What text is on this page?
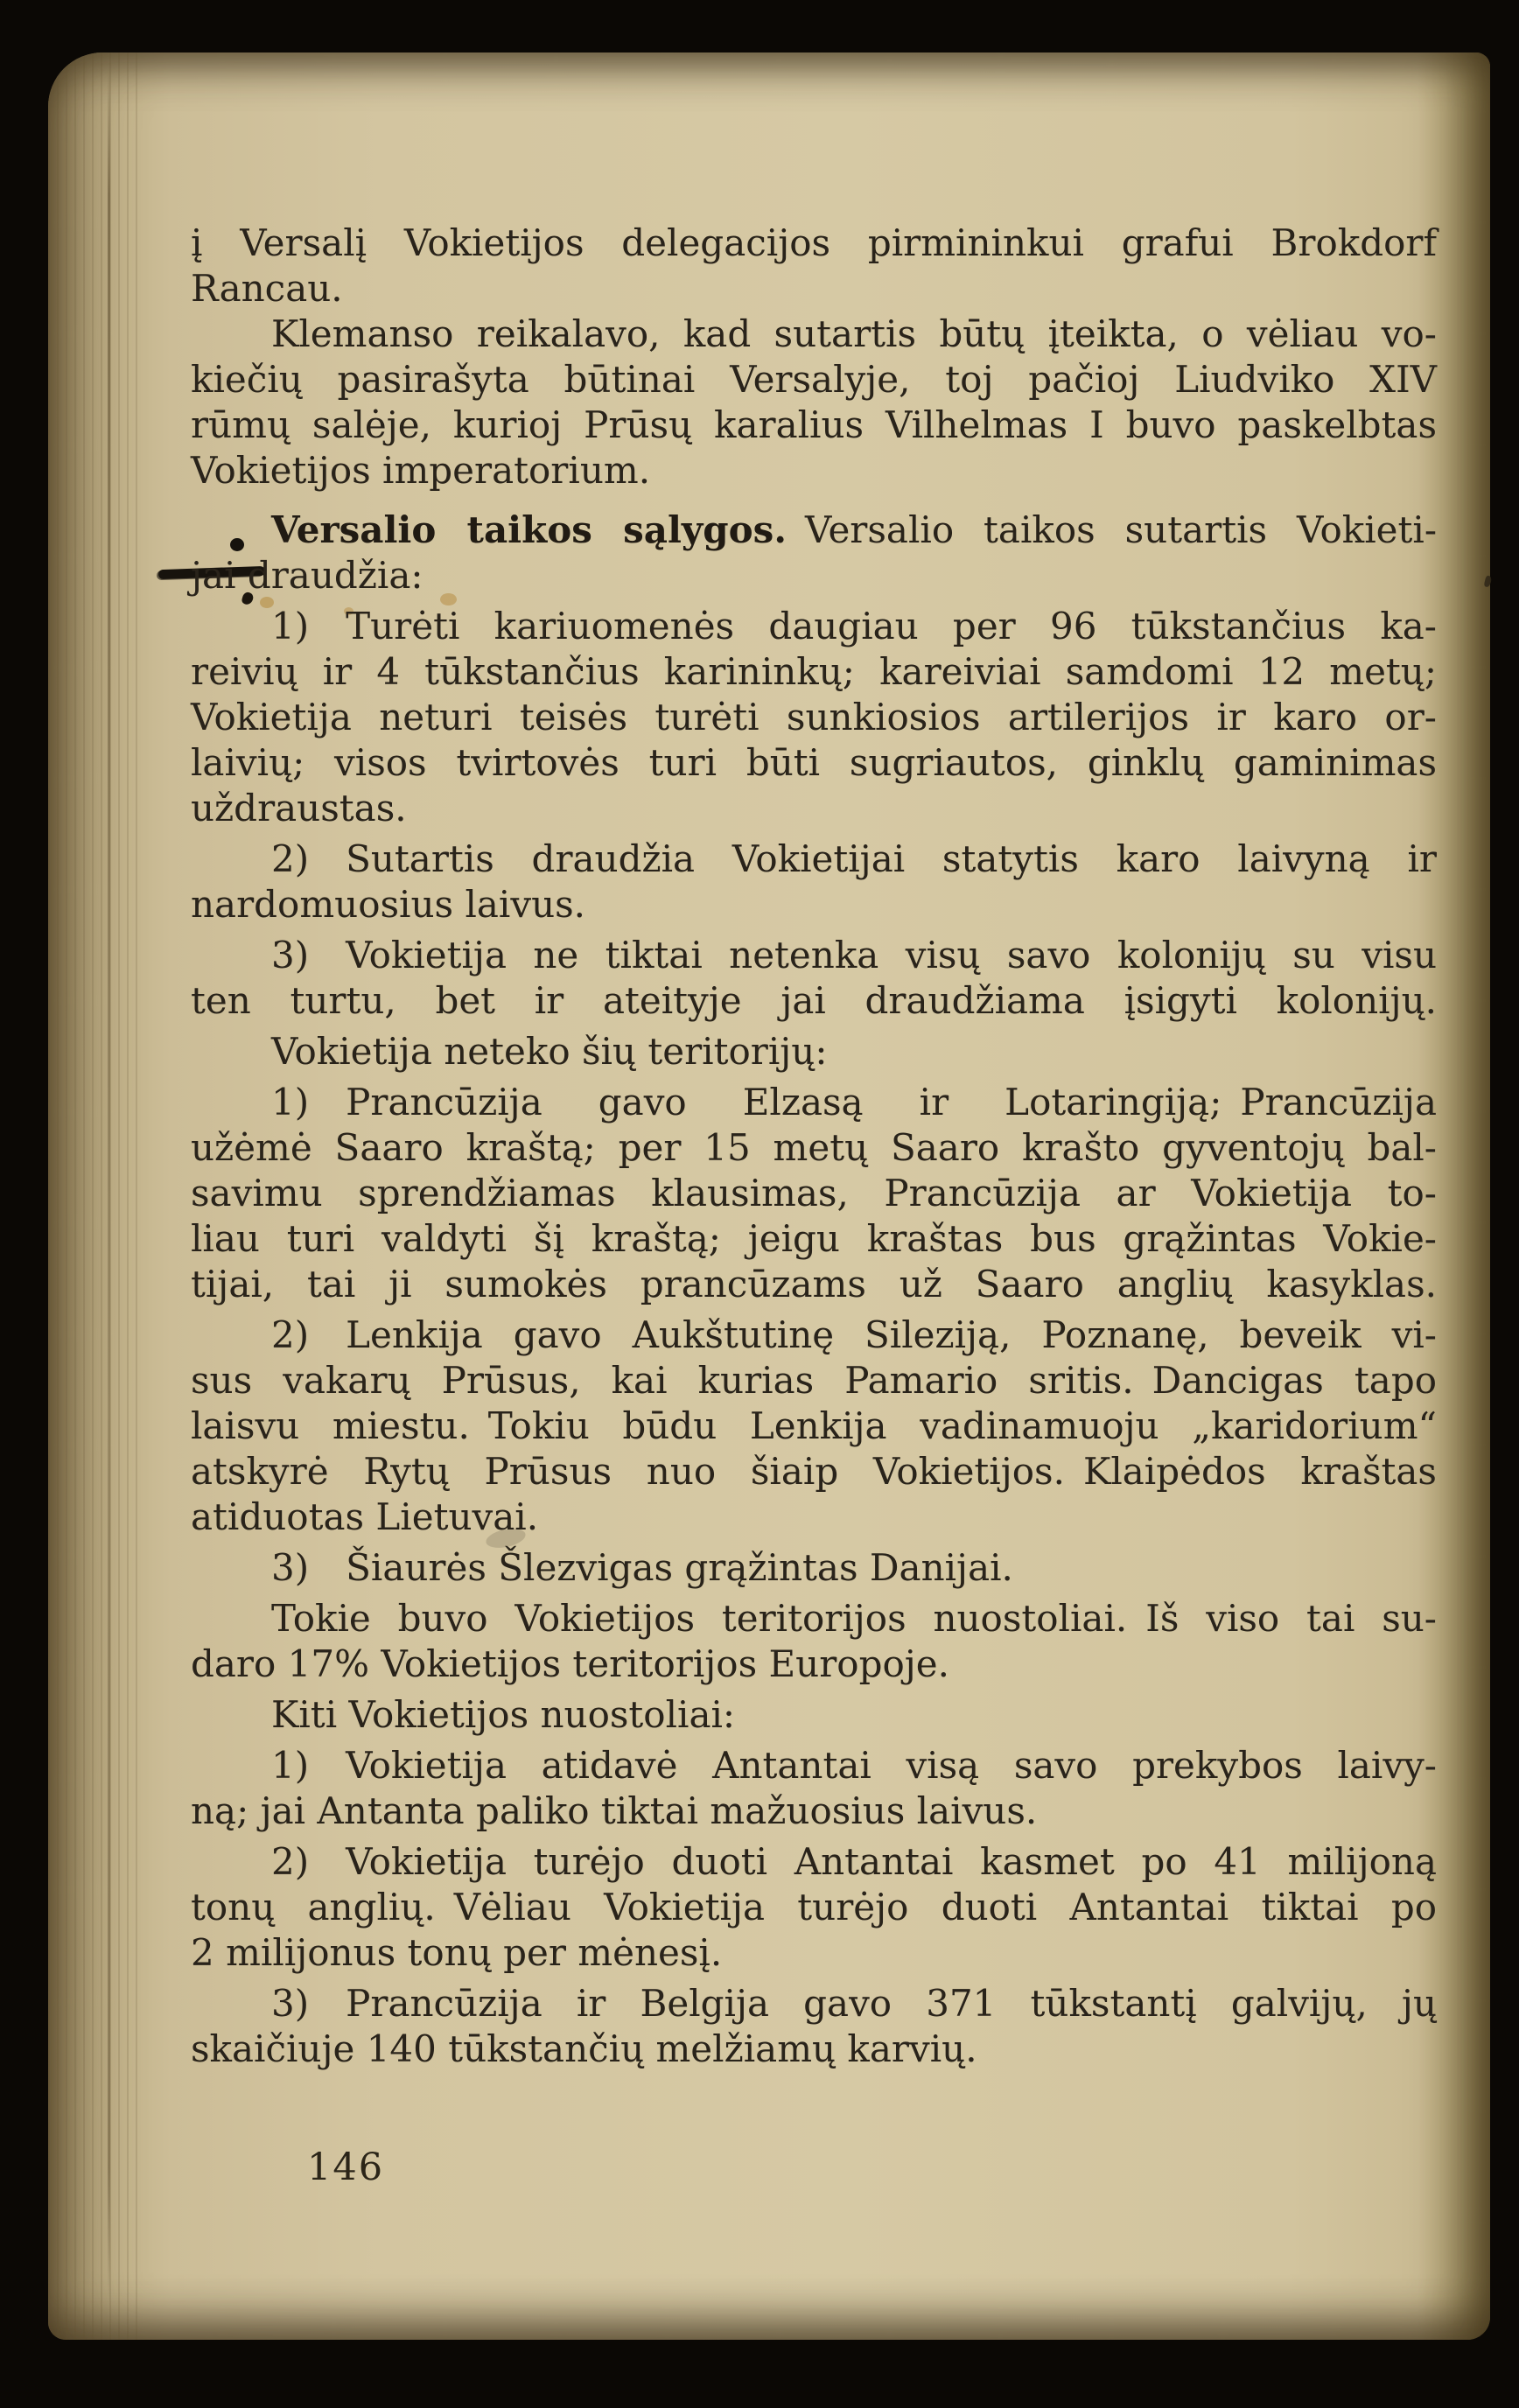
į Versalį Vokietijos delegacijos pirmininkui grafui Brokdorf
Rancau.
Klemanso reikalavo, kad sutartis būtų įteikta, o vėliau vo-
kiečių pasirašyta būtinai Versalyje, toj pačioj Liudviko XIV
rūmų salėje, kurioj Prūsų karalius Vilhelmas I buvo paskelbtas
Vokietijos imperatorium.
Versalio taikos sąlygos. Versalio taikos sutartis Vokieti-
jai draudžia:
1)  Turėti kariuomenės daugiau per 96 tūkstančius ka-
reivių ir 4 tūkstančius karininkų; kareiviai samdomi 12 metų;
Vokietija neturi teisės turėti sunkiosios artilerijos ir karo or-
laivių; visos tvirtovės turi būti sugriautos, ginklų gaminimas
uždraustas.
2)  Sutartis draudžia Vokietijai statytis karo laivyną ir
nardomuosius laivus.
3)  Vokietija ne tiktai netenka visų savo kolonijų su visu
ten turtu, bet ir ateityje jai draudžiama įsigyti kolonijų.
Vokietija neteko šių teritorijų:
1)  Prancūzija gavo Elzasą ir Lotaringiją; Prancūzija
užėmė Saaro kraštą; per 15 metų Saaro krašto gyventojų bal-
savimu sprendžiamas klausimas, Prancūzija ar Vokietija to-
liau turi valdyti šį kraštą; jeigu kraštas bus grąžintas Vokie-
tijai, tai ji sumokės prancūzams už Saaro anglių kasyklas.
2)  Lenkija gavo Aukštutinę Sileziją, Poznanę, beveik vi-
sus vakarų Prūsus, kai kurias Pamario sritis. Dancigas tapo
laisvu miestu. Tokiu būdu Lenkija vadinamuoju „karidorium“
atskyrė Rytų Prūsus nuo šiaip Vokietijos. Klaipėdos kraštas
atiduotas Lietuvai.
3)  Šiaurės Šlezvigas grąžintas Danijai.
Tokie buvo Vokietijos teritorijos nuostoliai. Iš viso tai su-
daro 17% Vokietijos teritorijos Europoje.
Kiti Vokietijos nuostoliai:
1)  Vokietija atidavė Antantai visą savo prekybos laivy-
ną; jai Antanta paliko tiktai mažuosius laivus.
2)  Vokietija turėjo duoti Antantai kasmet po 41 milijoną
tonų anglių. Vėliau Vokietija turėjo duoti Antantai tiktai po
2 milijonus tonų per mėnesį.
3)  Prancūzija ir Belgija gavo 371 tūkstantį galvijų, jų
skaičiuje 140 tūkstančių melžiamų karvių.
146
